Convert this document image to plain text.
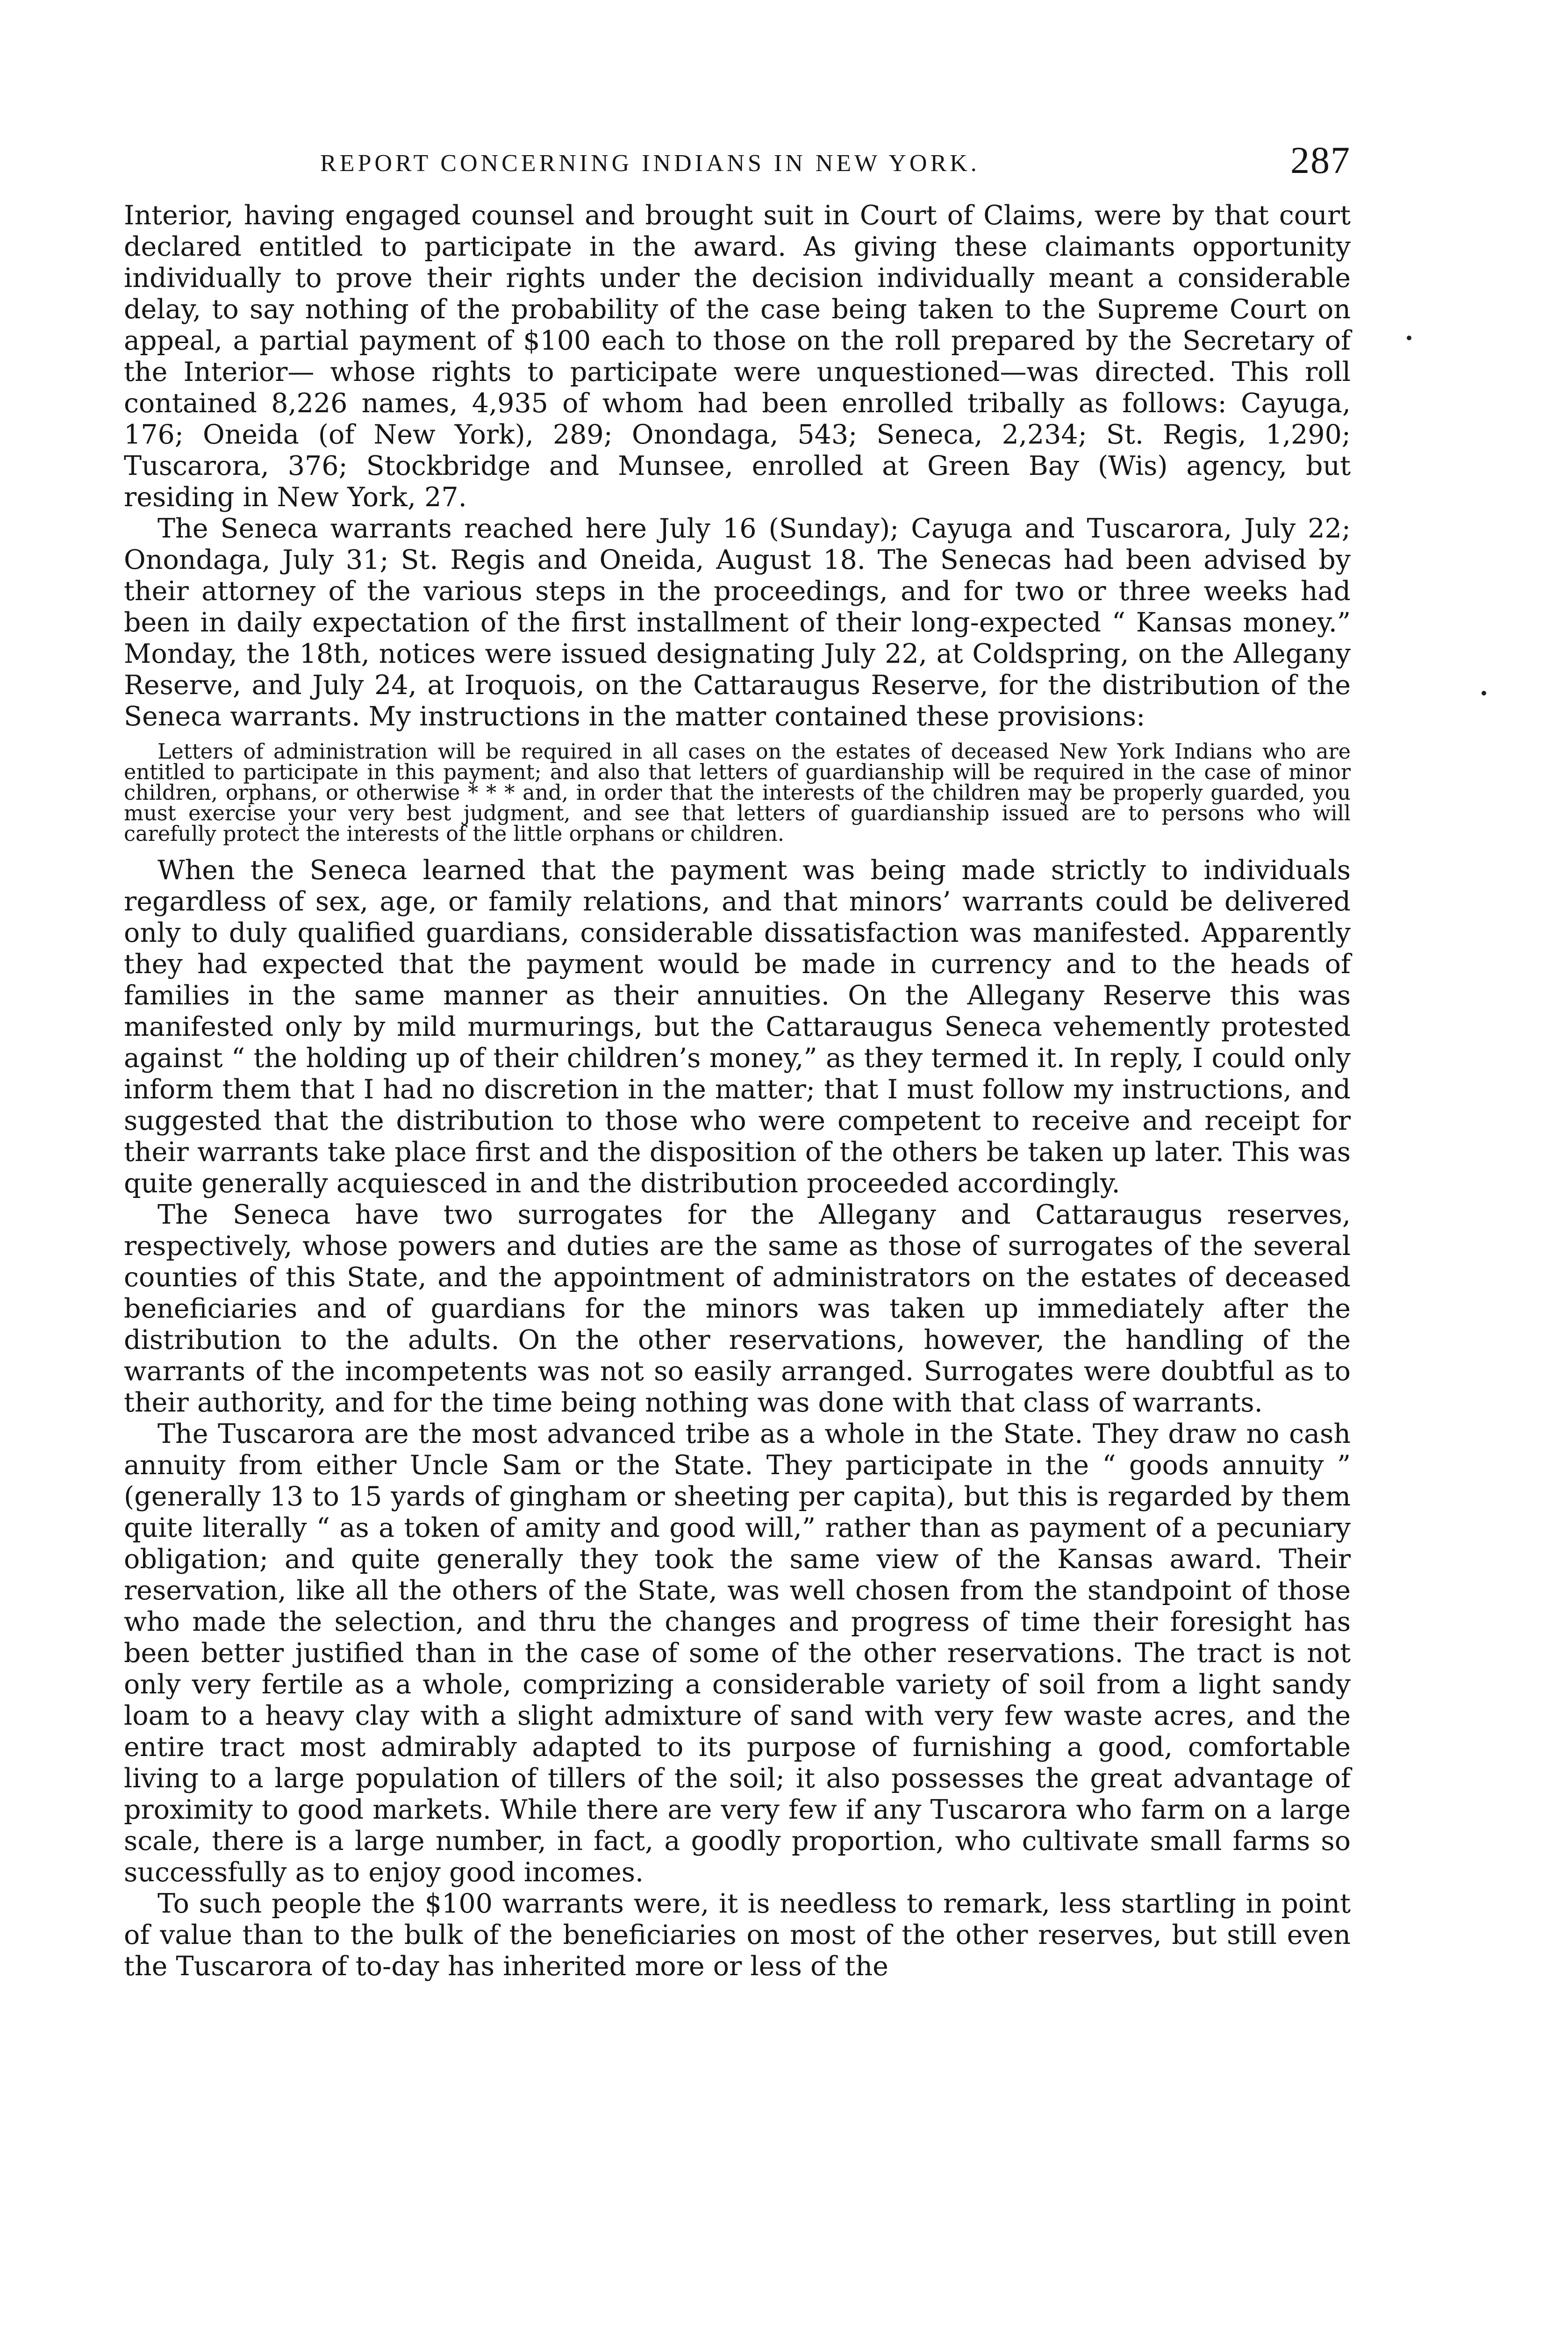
REPORT CONCERNING INDIANS IN NEW YORK.	287

Interior, having engaged counsel and brought suit in Court of Claims, were by that court declared entitled to participate in the award. As giving these claimants opportunity individually to prove their rights under the decision individually meant a considerable delay, to say nothing of the probability of the case being taken to the Supreme Court on appeal, a partial payment of $100 each to those on the roll prepared by the Secretary of the Interior— whose rights to participate were unquestioned—was directed. This roll contained 8,226 names, 4,935 of whom had been enrolled tribally as follows: Cayuga, 176; Oneida (of New York), 289; Onondaga, 543; Seneca, 2,234; St. Regis, 1,290; Tuscarora, 376; Stockbridge and Munsee, enrolled at Green Bay (Wis) agency, but residing in New York, 27.

The Seneca warrants reached here July 16 (Sunday); Cayuga and Tuscarora, July 22; Onondaga, July 31; St. Regis and Oneida, August 18. The Senecas had been advised by their attorney of the various steps in the proceedings, and for two or three weeks had been in daily expectation of the first installment of their long-expected “ Kansas money.” Monday, the 18th, notices were issued designating July 22, at Coldspring, on the Allegany Reserve, and July 24, at Iroquois, on the Cattaraugus Reserve, for the distribution of the Seneca warrants. My instructions in the matter contained these provisions:

Letters of administration will be required in all cases on the estates of deceased New York Indians who are entitled to participate in this payment; and also that letters of guardianship will be required in the case of minor children, orphans, or otherwise * * * and, in order that the interests of the children may be properly guarded, you must exercise your very best judgment, and see that letters of guardianship issued are to persons who will carefully protect the interests of the little orphans or children.

When the Seneca learned that the payment was being made strictly to individuals regardless of sex, age, or family relations, and that minors’ warrants could be delivered only to duly qualified guardians, considerable dissatisfaction was manifested. Apparently they had expected that the payment would be made in currency and to the heads of families in the same manner as their annuities. On the Allegany Reserve this was manifested only by mild murmurings, but the Cattaraugus Seneca vehemently protested against “ the holding up of their children’s money,” as they termed it. In reply, I could only inform them that I had no discretion in the matter; that I must follow my instructions, and suggested that the distribution to those who were competent to receive and receipt for their warrants take place first and the disposition of the others be taken up later. This was quite generally acquiesced in and the distribution proceeded accordingly.

The Seneca have two surrogates for the Allegany and Cattaraugus reserves, respectively, whose powers and duties are the same as those of surrogates of the several counties of this State, and the appointment of administrators on the estates of deceased beneficiaries and of guardians for the minors was taken up immediately after the distribution to the adults. On the other reservations, however, the handling of the warrants of the incompetents was not so easily arranged. Surrogates were doubtful as to their authority, and for the time being nothing was done with that class of warrants.

The Tuscarora are the most advanced tribe as a whole in the State. They draw no cash annuity from either Uncle Sam or the State. They participate in the “ goods annuity ” (generally 13 to 15 yards of gingham or sheeting per capita), but this is regarded by them quite literally “ as a token of amity and good will,” rather than as payment of a pecuniary obligation; and quite generally they took the same view of the Kansas award. Their reservation, like all the others of the State, was well chosen from the standpoint of those who made the selection, and thru the changes and progress of time their foresight has been better justified than in the case of some of the other reservations. The tract is not only very fertile as a whole, comprizing a considerable variety of soil from a light sandy loam to a heavy clay with a slight admixture of sand with very few waste acres, and the entire tract most admirably adapted to its purpose of furnishing a good, comfortable living to a large population of tillers of the soil; it also possesses the great advantage of proximity to good markets. While there are very few if any Tuscarora who farm on a large scale, there is a large number, in fact, a goodly proportion, who cultivate small farms so successfully as to enjoy good incomes.

To such people the $100 warrants were, it is needless to remark, less startling in point of value than to the bulk of the beneficiaries on most of the other reserves, but still even the Tuscarora of to-day has inherited more or less of the
